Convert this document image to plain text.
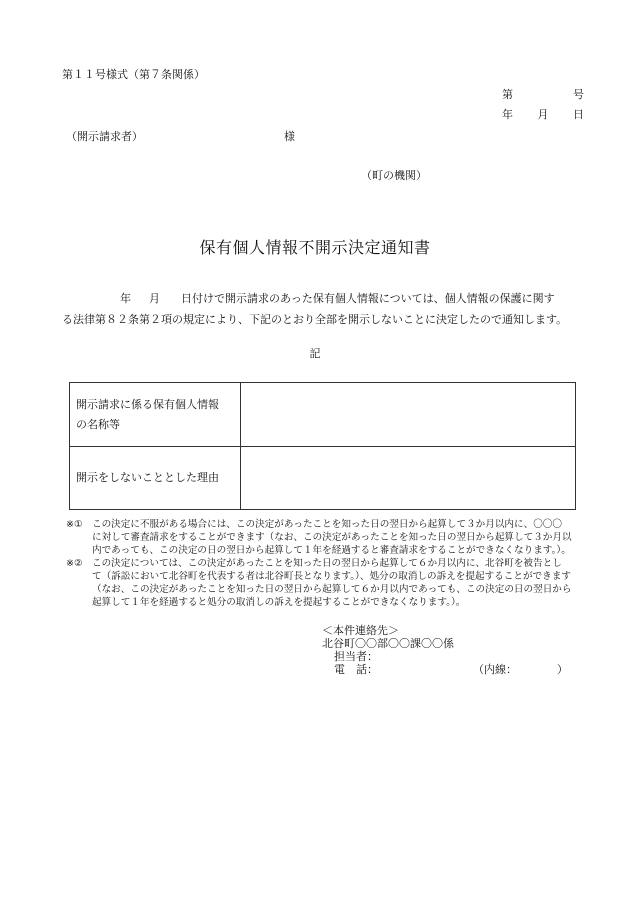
第１１号様式（第７条関係）
第	号
年 月 日
（開示請求者）	様
（町の機関）
保有個人情報不開示決定通知書
年 月 日付けで開示請求のあった保有個人情報については、個人情報の保護に関す
る法律第８２条第２項の規定により、下記のとおり全部を開示しないことに決定したので通知します。
記
開示請求に係る保有個人情報
の名称等	

開示をしないこととした理由	
※① この決定に不服がある場合には、この決定があったことを知った日の翌日から起算して３か月以内に、〇〇〇
に対して審査請求をすることができます（なお、この決定があったことを知った日の翌日から起算して３か月以
内であっても、この決定の日の翌日から起算して１年を経過すると審査請求をすることができなくなります。）。
※② この決定については、この決定があったことを知った日の翌日から起算して６か月以内に、北谷町を被告とし
て（訴訟において北谷町を代表する者は北谷町長となります。）、処分の取消しの訴えを提起することができます
（なお、この決定があったことを知った日の翌日から起算して６か月以内であっても、この決定の日の翌日から
起算して１年を経過すると処分の取消しの訴えを提起することができなくなります。）。
＜本件連絡先＞
北谷町〇〇部〇〇課〇〇係
担当者：
電　話：	（内線：	）
